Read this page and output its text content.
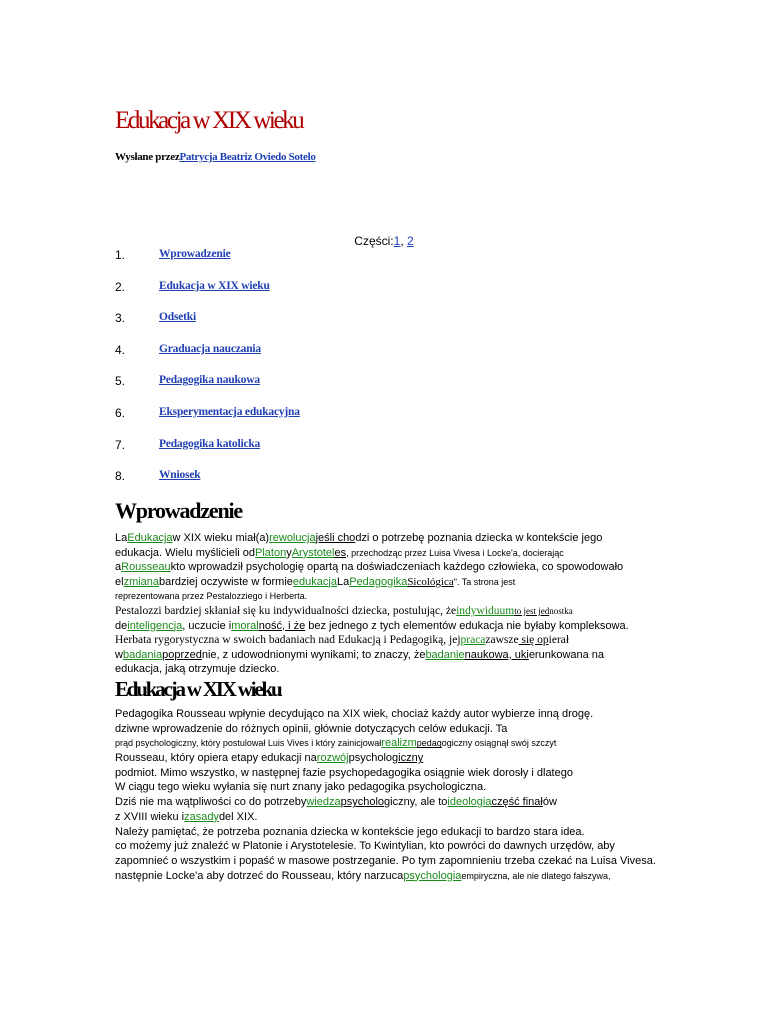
Edukacja w XIX wieku
Wysłane przezPatrycja Beatriz Oviedo Sotelo
Części:1, 2
1.	Wprowadzenie
2.	Edukacja w XIX wieku
3.	Odsetki
4.	Graduacja nauczania
5.	Pedagogika naukowa
6.	Eksperymentacja edukacyjna
7.	Pedagogika katolicka
8.	Wniosek
Wprowadzenie
LaEdukacjaw XIX wieku miał(a)rewolucjajeśli chodzi o potrzebę poznania dziecka w kontekście jego
edukacja. Wielu myślicieli odPlatonyArystoteles, przechodząc przez Luisa Vivesa i Locke'a, docierając
aRousseaukto wprowadził psychologię opartą na doświadczeniach każdego człowieka, co spowodowało
elzmianabardziej oczywiste w formieedukacjaLaPedagogikaSicológica". Ta strona jest
reprezentowana przez Pestalozziego i Herberta.
Pestalozzi bardziej skłaniał się ku indywidualności dziecka, postulując, żeindywiduumto jest jednostka
deinteligencja, uczucie imoralność, i że bez jednego z tych elementów edukacja nie byłaby kompleksowa.
Herbata rygorystyczna w swoich badaniach nad Edukacją i Pedagogiką, jejpracazawsze się opierał
wbadaniapoprzednie, z udowodnionymi wynikami; to znaczy, żebadanienaukowa, ukierunkowana na
edukacja, jaką otrzymuje dziecko.
Edukacja w XIX wieku
Pedagogika Rousseau wpłynie decydująco na XIX wiek, chociaż każdy autor wybierze inną drogę.
dziwne wprowadzenie do różnych opinii, głównie dotyczących celów edukacji. Ta
prąd psychologiczny, który postulował Luis Vives i który zainicjowałrealizmpedagogiczny osiągnął swój szczyt
Rousseau, który opiera etapy edukacji narozwójpsychologiczny
podmiot. Mimo wszystko, w następnej fazie psychopedagogika osiągnie wiek dorosły i dlatego
W ciągu tego wieku wyłania się nurt znany jako pedagogika psychologiczna.
Dziś nie ma wątpliwości co do potrzebywiedzapsychologiczny, ale toideologiaczęść finałów
z XVIII wieku izasadydel XIX.
Należy pamiętać, że potrzeba poznania dziecka w kontekście jego edukacji to bardzo stara idea.
co możemy już znaleźć w Platonie i Arystotelesie. To Kwintylian, kto powróci do dawnych urzędów, aby
zapomnieć o wszystkim i popaść w masowe postrzeganie. Po tym zapomnieniu trzeba czekać na Luisa Vivesa.
następnie Locke'a aby dotrzeć do Rousseau, który narzucapsychologiaempiryczna, ale nie dlatego fałszywa,
